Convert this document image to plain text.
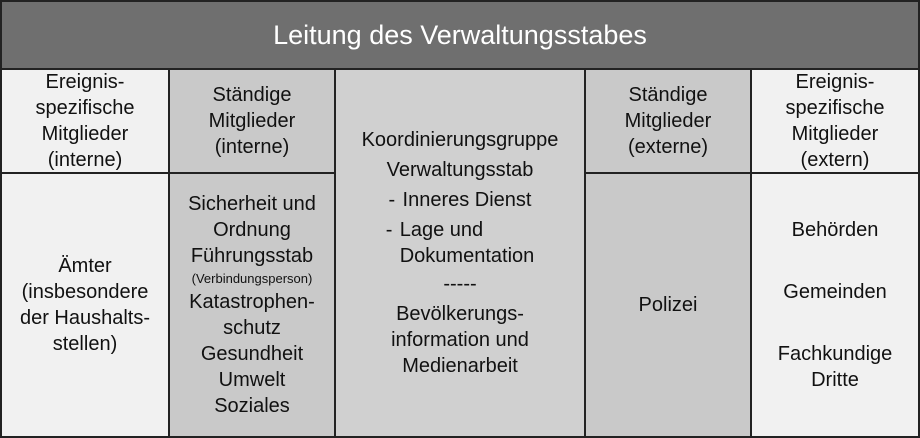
Leitung des Verwaltungsstabes
Ereignis-
spezifische
Mitglieder
(interne)
Ämter
(insbesondere
der Haushalts-
stellen)
Ständige
Mitglieder
(interne)
Sicherheit und
Ordnung
Führungsstab
(Verbindungsperson)
Katastrophen-
schutz
Gesundheit
Umwelt
Soziales
Koordinierungsgruppe
Verwaltungsstab
- Inneres Dienst
- Lage und
Dokumentation
-----
Bevölkerungs-
information und
Medienarbeit
Ständige
Mitglieder
(externe)
Polizei
Ereignis-
spezifische
Mitglieder
(extern)
Behörden
Gemeinden
Fachkundige
Dritte
